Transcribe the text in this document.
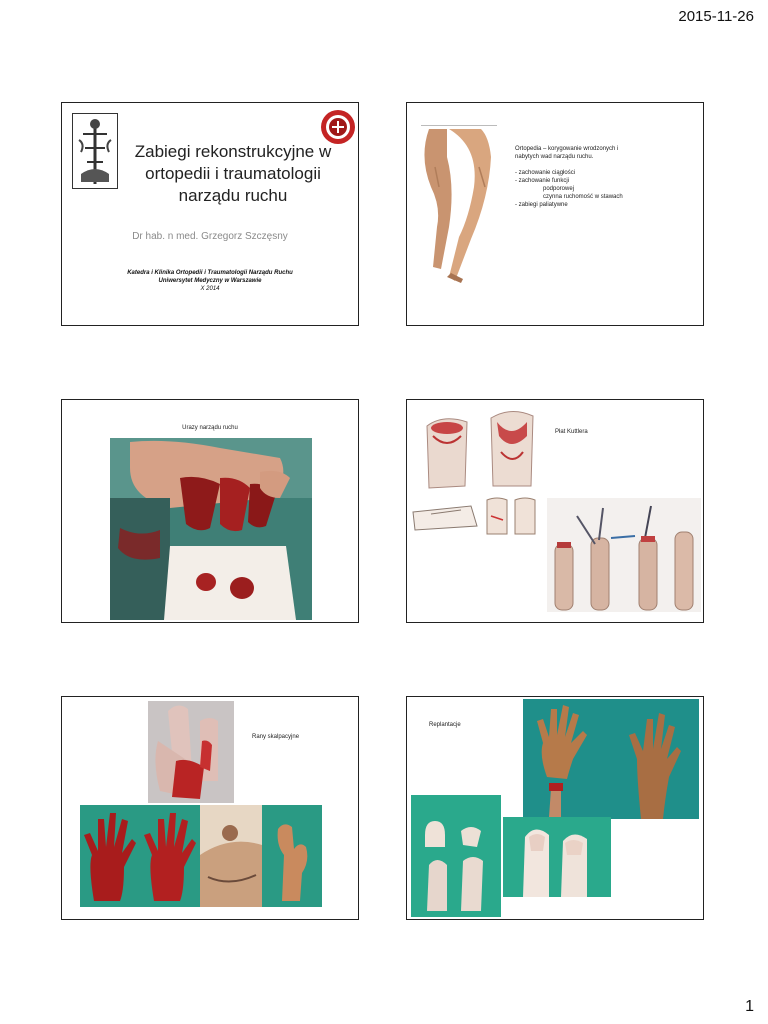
2015-11-26
Zabiegi rekonstrukcyjne w
ortopedii i traumatologii
narządu ruchu
Dr hab. n med. Grzegorz Szczęsny
Katedra i Klinika Ortopedii i Traumatologii Narządu Ruchu
Uniwersytet Medyczny w Warszawie
X 2014
Ortopedia – korygowanie wrodzonych i
nabytych wad narządu ruchu.
- zachowanie ciągłości
- zachowanie funkcji
podporowej
czynna ruchomość w stawach
- zabiegi paliatywne
Urazy narządu ruchu
Płat Kuttlera
Rany skalpacyjne
Replantacje
1
